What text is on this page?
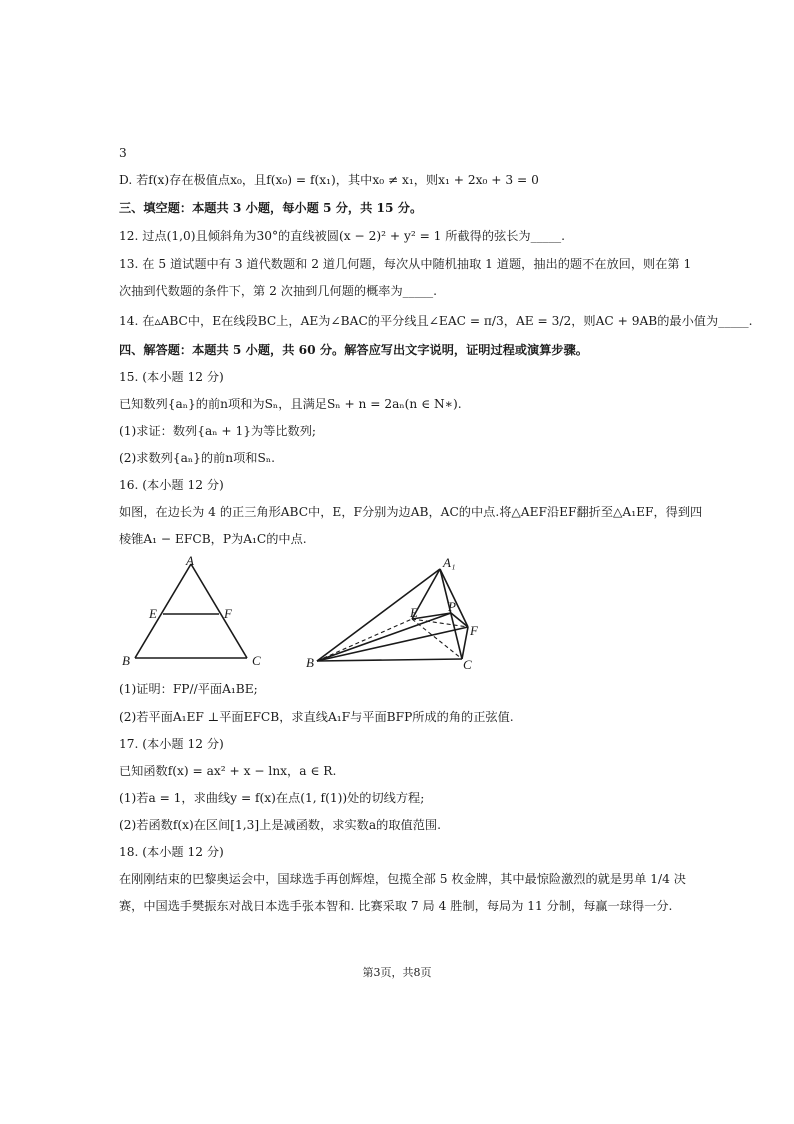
3
D. 若f(x)存在极值点x₀，且f(x₀) = f(x₁)，其中x₀ ≠ x₁，则x₁ + 2x₀ + 3 = 0
三、填空题：本题共 3 小题，每小题 5 分，共 15 分。
12. 过点(1,0)且倾斜角为30°的直线被圆(x − 2)² + y² = 1 所截得的弦长为_____.
13. 在 5 道试题中有 3 道代数题和 2 道几何题，每次从中随机抽取 1 道题，抽出的题不在放回，则在第 1
次抽到代数题的条件下，第 2 次抽到几何题的概率为_____.
14. 在▵ABC中，E在线段BC上，AE为∠BAC的平分线且∠EAC = π/3，AE = 3/2，则AC + 9AB的最小值为_____.
四、解答题：本题共 5 小题，共 60 分。解答应写出文字说明，证明过程或演算步骤。
15. (本小题 12 分)
已知数列{aₙ}的前n项和为Sₙ，且满足Sₙ + n = 2aₙ(n ∈ N∗).
(1)求证：数列{aₙ + 1}为等比数列;
(2)求数列{aₙ}的前n项和Sₙ.
16. (本小题 12 分)
如图，在边长为 4 的正三角形ABC中，E，F分别为边AB，AC的中点.将△AEF沿EF翻折至△A₁EF，得到四
棱锥A₁ − EFCB，P为A₁C的中点.
A
E	F
B	C
A₁
E P
F
B	C
(1)证明：FP//平面A₁BE;
(2)若平面A₁EF ⊥平面EFCB，求直线A₁F与平面BFP所成的角的正弦值.
17. (本小题 12 分)
已知函数f(x) = ax² + x − lnx，a ∈ R.
(1)若a = 1，求曲线y = f(x)在点(1, f(1))处的切线方程;
(2)若函数f(x)在区间[1,3]上是减函数，求实数a的取值范围.
18. (本小题 12 分)
在刚刚结束的巴黎奥运会中，国球选手再创辉煌，包揽全部 5 枚金牌，其中最惊险激烈的就是男单 1/4 决
赛，中国选手樊振东对战日本选手张本智和. 比赛采取 7 局 4 胜制，每局为 11 分制，每赢一球得一分.
第3页，共8页
